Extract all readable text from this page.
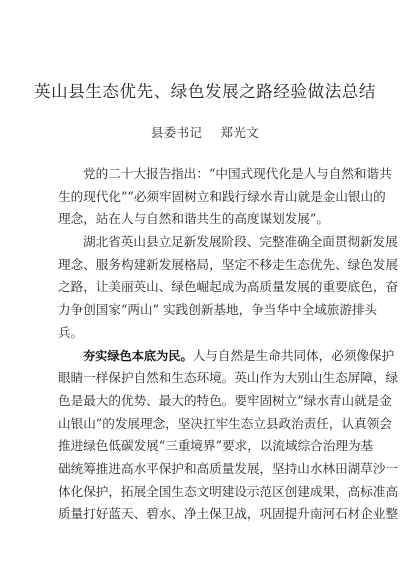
英山县生态优先、绿色发展之路经验做法总结
县委书记 郑光文
党的二十大报告指出：“中国式现代化是人与自然和谐共
生的现代化”“必须牢固树立和践行绿水青山就是金山银山的
理念，站在人与自然和谐共生的高度谋划发展”。
湖北省英山县立足新发展阶段、完整准确全面贯彻新发展
理念、服务构建新发展格局，坚定不移走生态优先、绿色发展
之路，让美丽英山、绿色崛起成为高质量发展的重要底色，奋
力争创国家“两山” 实践创新基地，争当华中全域旅游排头
兵。
夯实绿色本底为民。人与自然是生命共同体，必须像保护
眼睛一样保护自然和生态环境。英山作为大别山生态屏障，绿
色是最大的优势、最大的特色。要牢固树立“绿水青山就是金
山银山”的发展理念，坚决扛牢生态立县政治责任，认真领会
推进绿色低碳发展“三重境界”要求，以流域综合治理为基
础统筹推进高水平保护和高质量发展，坚持山水林田湖草沙一
体化保护，拓展全国生态文明建设示范区创建成果，高标准高
质量打好蓝天、碧水、净土保卫战，巩固提升南河石材企业整
